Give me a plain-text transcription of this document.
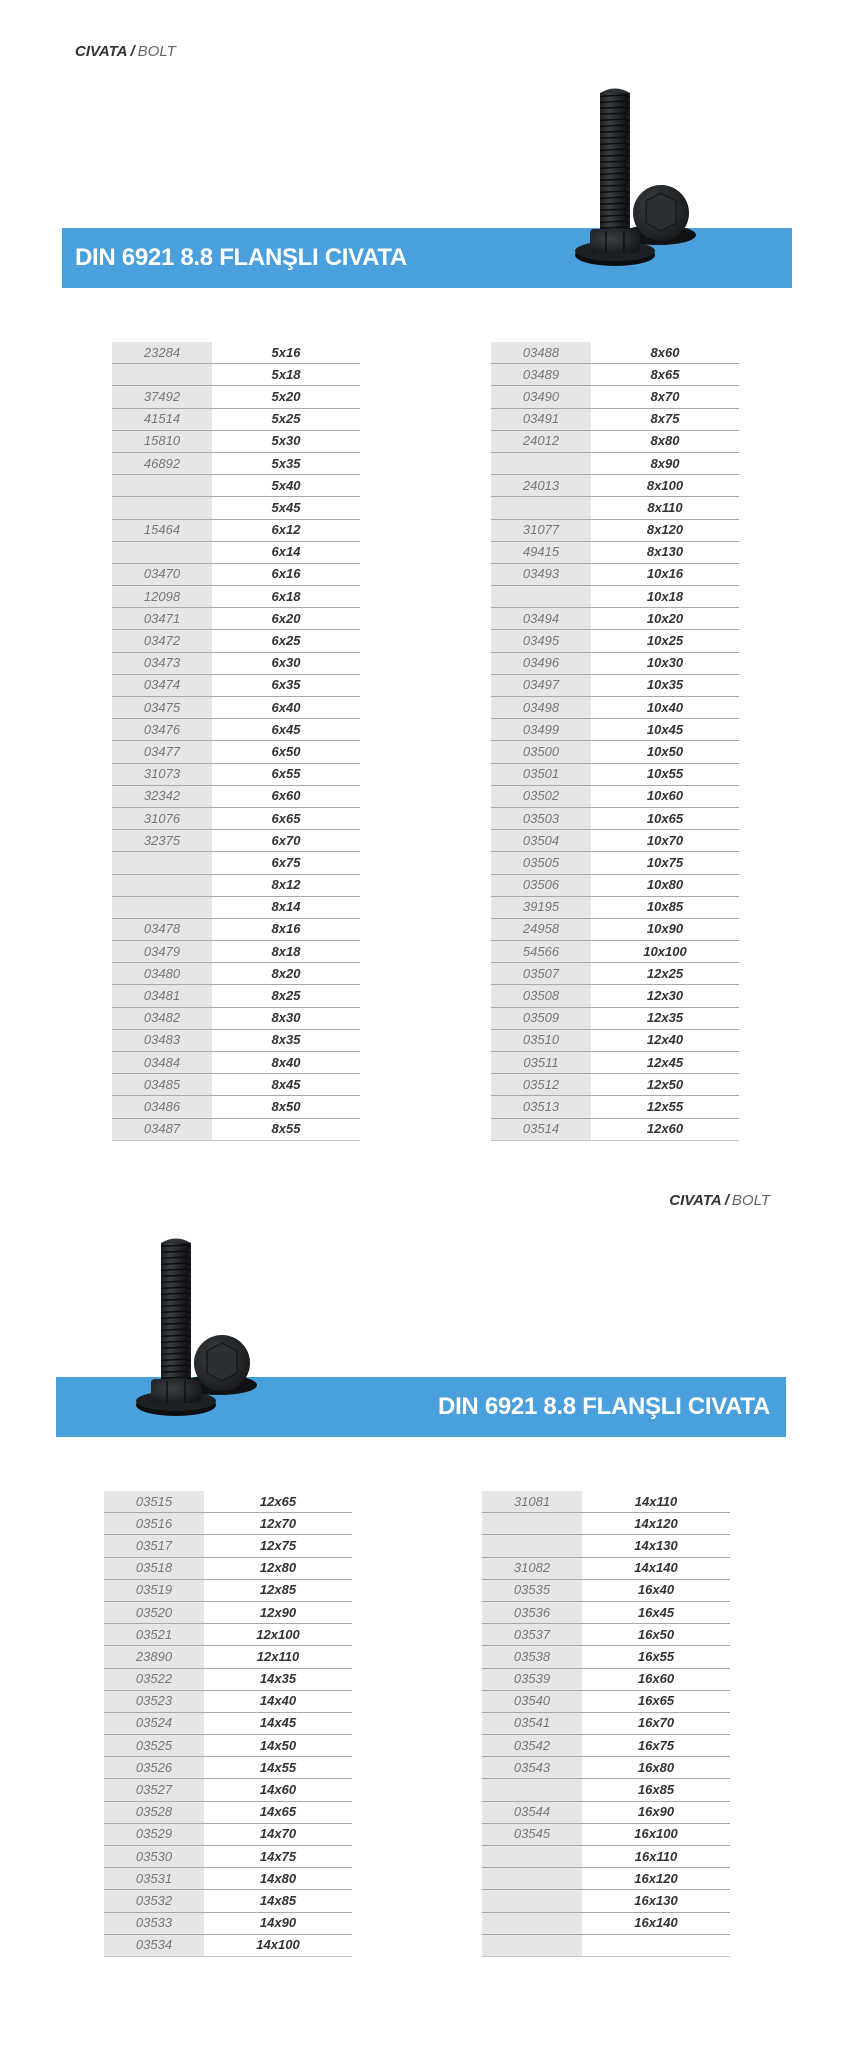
CIVATA / BOLT
DIN 6921 8.8 FLANŞLI CIVATA
23284	5x16
	5x18
37492	5x20
41514	5x25
15810	5x30
46892	5x35
	5x40
	5x45
15464	6x12
	6x14
03470	6x16
12098	6x18
03471	6x20
03472	6x25
03473	6x30
03474	6x35
03475	6x40
03476	6x45
03477	6x50
31073	6x55
32342	6x60
31076	6x65
32375	6x70
	6x75
	8x12
	8x14
03478	8x16
03479	8x18
03480	8x20
03481	8x25
03482	8x30
03483	8x35
03484	8x40
03485	8x45
03486	8x50
03487	8x55
03488	8x60
03489	8x65
03490	8x70
03491	8x75
24012	8x80
	8x90
24013	8x100
	8x110
31077	8x120
49415	8x130
03493	10x16
	10x18
03494	10x20
03495	10x25
03496	10x30
03497	10x35
03498	10x40
03499	10x45
03500	10x50
03501	10x55
03502	10x60
03503	10x65
03504	10x70
03505	10x75
03506	10x80
39195	10x85
24958	10x90
54566	10x100
03507	12x25
03508	12x30
03509	12x35
03510	12x40
03511	12x45
03512	12x50
03513	12x55
03514	12x60
CIVATA / BOLT
DIN 6921 8.8 FLANŞLI CIVATA
03515	12x65
03516	12x70
03517	12x75
03518	12x80
03519	12x85
03520	12x90
03521	12x100
23890	12x110
03522	14x35
03523	14x40
03524	14x45
03525	14x50
03526	14x55
03527	14x60
03528	14x65
03529	14x70
03530	14x75
03531	14x80
03532	14x85
03533	14x90
03534	14x100
31081	14x110
	14x120
	14x130
31082	14x140
03535	16x40
03536	16x45
03537	16x50
03538	16x55
03539	16x60
03540	16x65
03541	16x70
03542	16x75
03543	16x80
	16x85
03544	16x90
03545	16x100
	16x110
	16x120
	16x130
	16x140
